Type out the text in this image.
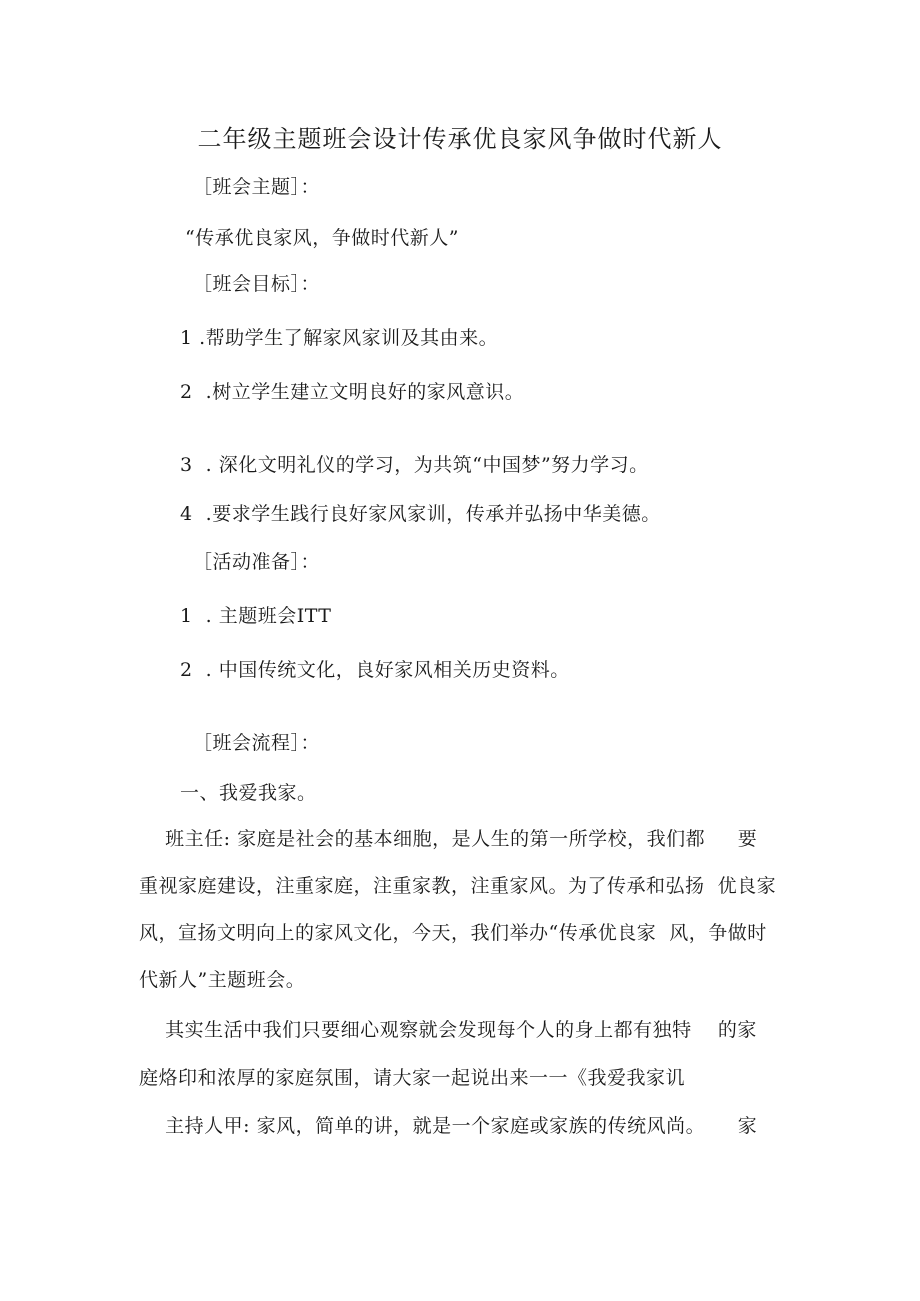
二年级主题班会设计传承优良家风争做时代新人
［班会主题］：
“传承优良家风，争做时代新人”
［班会目标］：
1 .帮助学生了解家风家训及其由来。
2  .树立学生建立文明良好的家风意识。
3  . 深化文明礼仪的学习，为共筑“中国梦”努力学习。
4  .要求学生践行良好家风家训，传承并弘扬中华美德。
［活动准备］：
1  . 主题班会ITT
2  . 中国传统文化，良好家风相关历史资料。
［班会流程］：
一、我爱我家。
班主任: 家庭是社会的基本细胞，是人生的第一所学校，我们都     要
重视家庭建设，注重家庭，注重家教，注重家风。为了传承和弘扬  优良家
风，宣扬文明向上的家风文化，今天，我们举办“传承优良家  风，争做时
代新人”主题班会。
其实生活中我们只要细心观察就会发现每个人的身上都有独特    的家
庭烙印和浓厚的家庭氛围，请大家一起说出来一一《我爱我家讥
主持人甲: 家风，简单的讲，就是一个家庭或家族的传统风尚。     家
